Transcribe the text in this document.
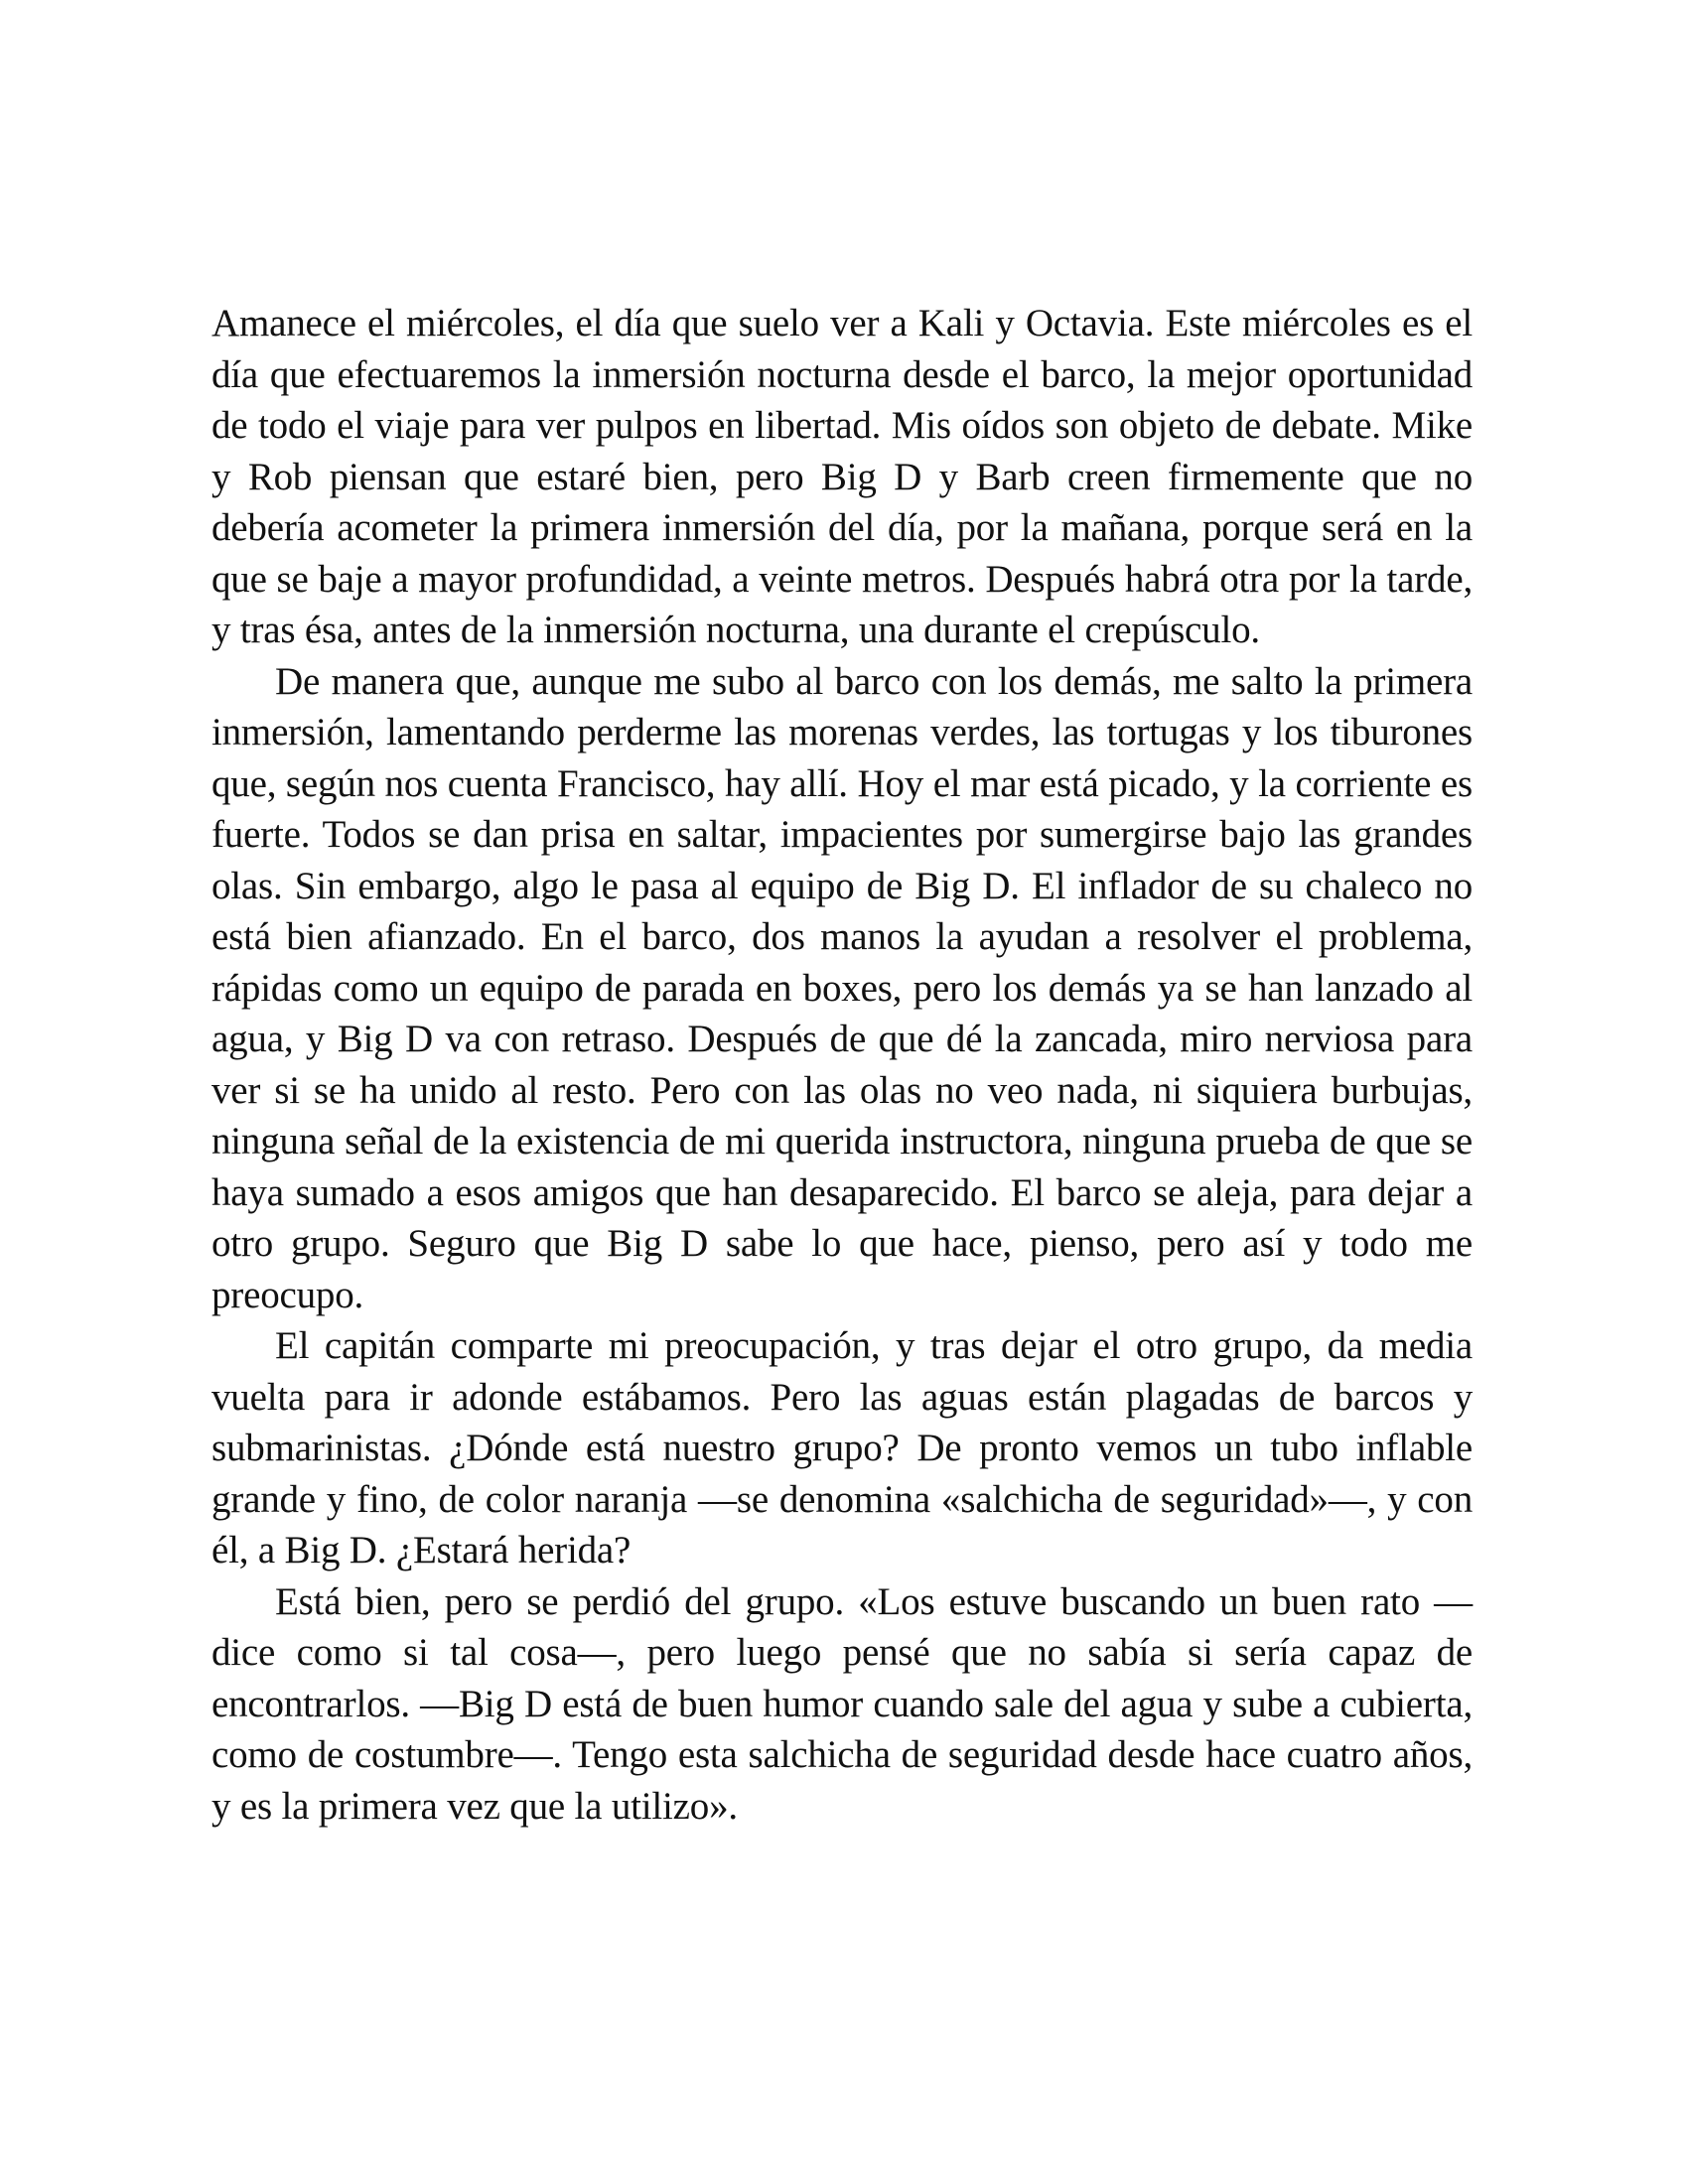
Amanece el miércoles, el día que suelo ver a Kali y Octavia. Este miércoles es el día que efectuaremos la inmersión nocturna desde el barco, la mejor oportunidad de todo el viaje para ver pulpos en libertad. Mis oídos son objeto de debate. Mike y Rob piensan que estaré bien, pero Big D y Barb creen firmemente que no debería acometer la primera inmersión del día, por la mañana, porque será en la que se baje a mayor profundidad, a veinte metros. Después habrá otra por la tarde, y tras ésa, antes de la inmersión nocturna, una durante el crepúsculo.

De manera que, aunque me subo al barco con los demás, me salto la primera inmersión, lamentando perderme las morenas verdes, las tortugas y los tiburones que, según nos cuenta Francisco, hay allí. Hoy el mar está picado, y la corriente es fuerte. Todos se dan prisa en saltar, impacientes por sumergirse bajo las grandes olas. Sin embargo, algo le pasa al equipo de Big D. El inflador de su chaleco no está bien afianzado. En el barco, dos manos la ayudan a resolver el problema, rápidas como un equipo de parada en boxes, pero los demás ya se han lanzado al agua, y Big D va con retraso. Después de que dé la zancada, miro nerviosa para ver si se ha unido al resto. Pero con las olas no veo nada, ni siquiera burbujas, ninguna señal de la existencia de mi querida instructora, ninguna prueba de que se haya sumado a esos amigos que han desaparecido. El barco se aleja, para dejar a otro grupo. Seguro que Big D sabe lo que hace, pienso, pero así y todo me preocupo.

El capitán comparte mi preocupación, y tras dejar el otro grupo, da media vuelta para ir adonde estábamos. Pero las aguas están plagadas de barcos y submarinistas. ¿Dónde está nuestro grupo? De pronto vemos un tubo inflable grande y fino, de color naranja —se denomina «salchicha de seguridad»—, y con él, a Big D. ¿Estará herida?

Está bien, pero se perdió del grupo. «Los estuve buscando un buen rato —dice como si tal cosa—, pero luego pensé que no sabía si sería capaz de encontrarlos. —Big D está de buen humor cuando sale del agua y sube a cubierta, como de costumbre—. Tengo esta salchicha de seguridad desde hace cuatro años, y es la primera vez que la utilizo».
